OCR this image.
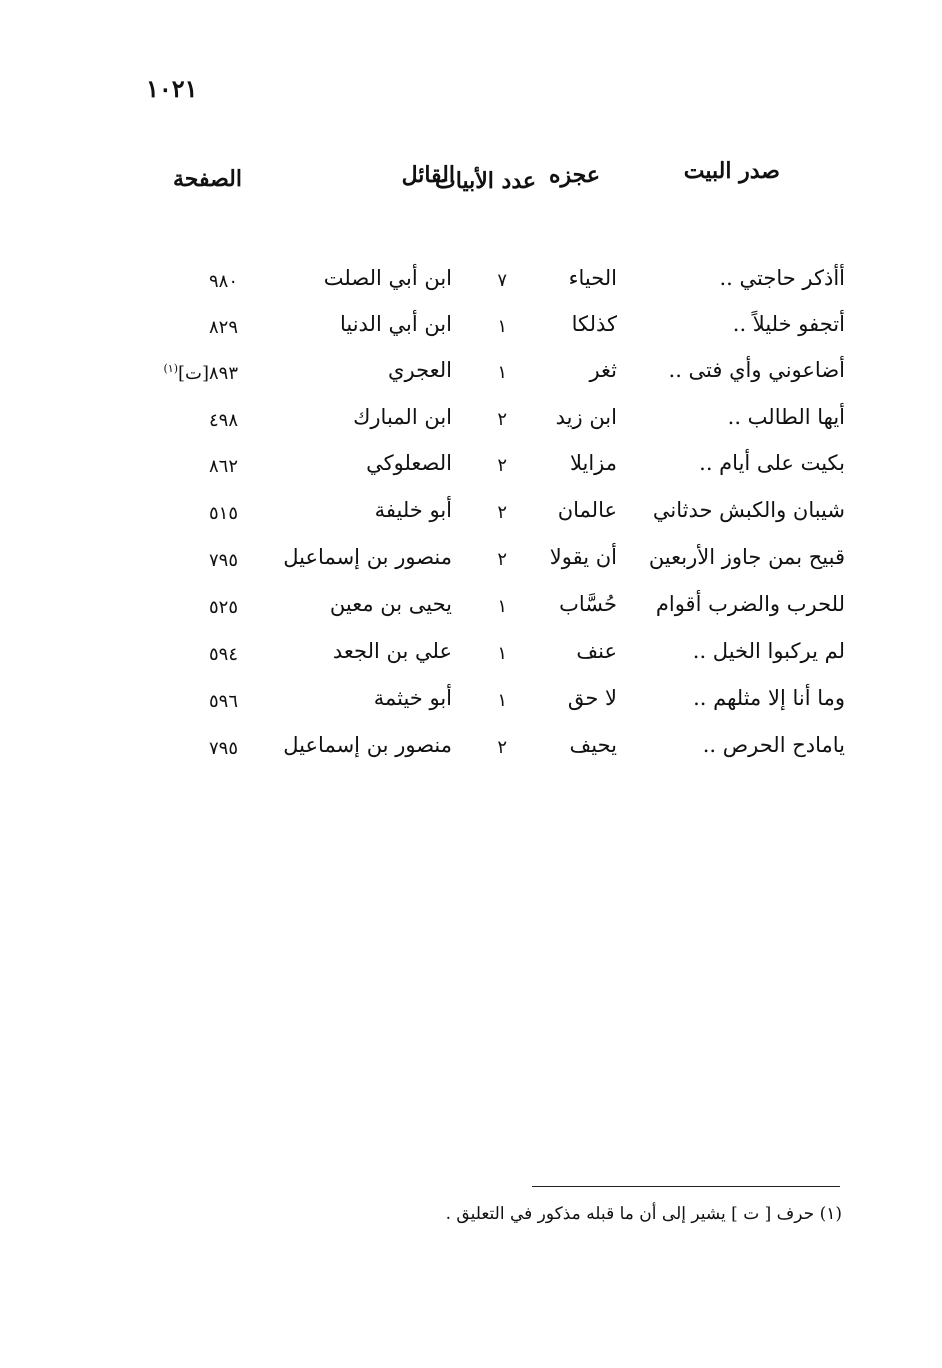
١٠٢١
صدر البيت
عجزه
عدد الأبيات
القائل
الصفحة
أأذكر حاجتي ..
الحياء
٧
ابن أبي الصلت
٩٨٠
أتجفو خليلاً ..
كذلكا
١
ابن أبي الدنيا
٨٢٩
أضاعوني وأي فتى ..
ثغر
١
العجري
٨٩٣[ت]$^{(١)}$
أيها الطالب ..
ابن زيد
٢
ابن المبارك
٤٩٨
بكيت على أيام ..
مزايلا
٢
الصعلوكي
٨٦٢
شيبان والكبش حدثاني
عالمان
٢
أبو خليفة
٥١٥
قبيح بمن جاوز الأربعين
أن يقولا
٢
منصور بن إسماعيل
٧٩٥
للحرب والضرب أقوام
حُسَّاب
١
يحيى بن معين
٥٢٥
لم يركبوا الخيل ..
عنف
١
علي بن الجعد
٥٩٤
وما أنا إلا مثلهم ..
لا حق
١
أبو خيثمة
٥٩٦
يامادح الحرص ..
يحيف
٢
منصور بن إسماعيل
٧٩٥
(١) حرف [ ت ] يشير إلى أن ما قبله مذكور في التعليق .
